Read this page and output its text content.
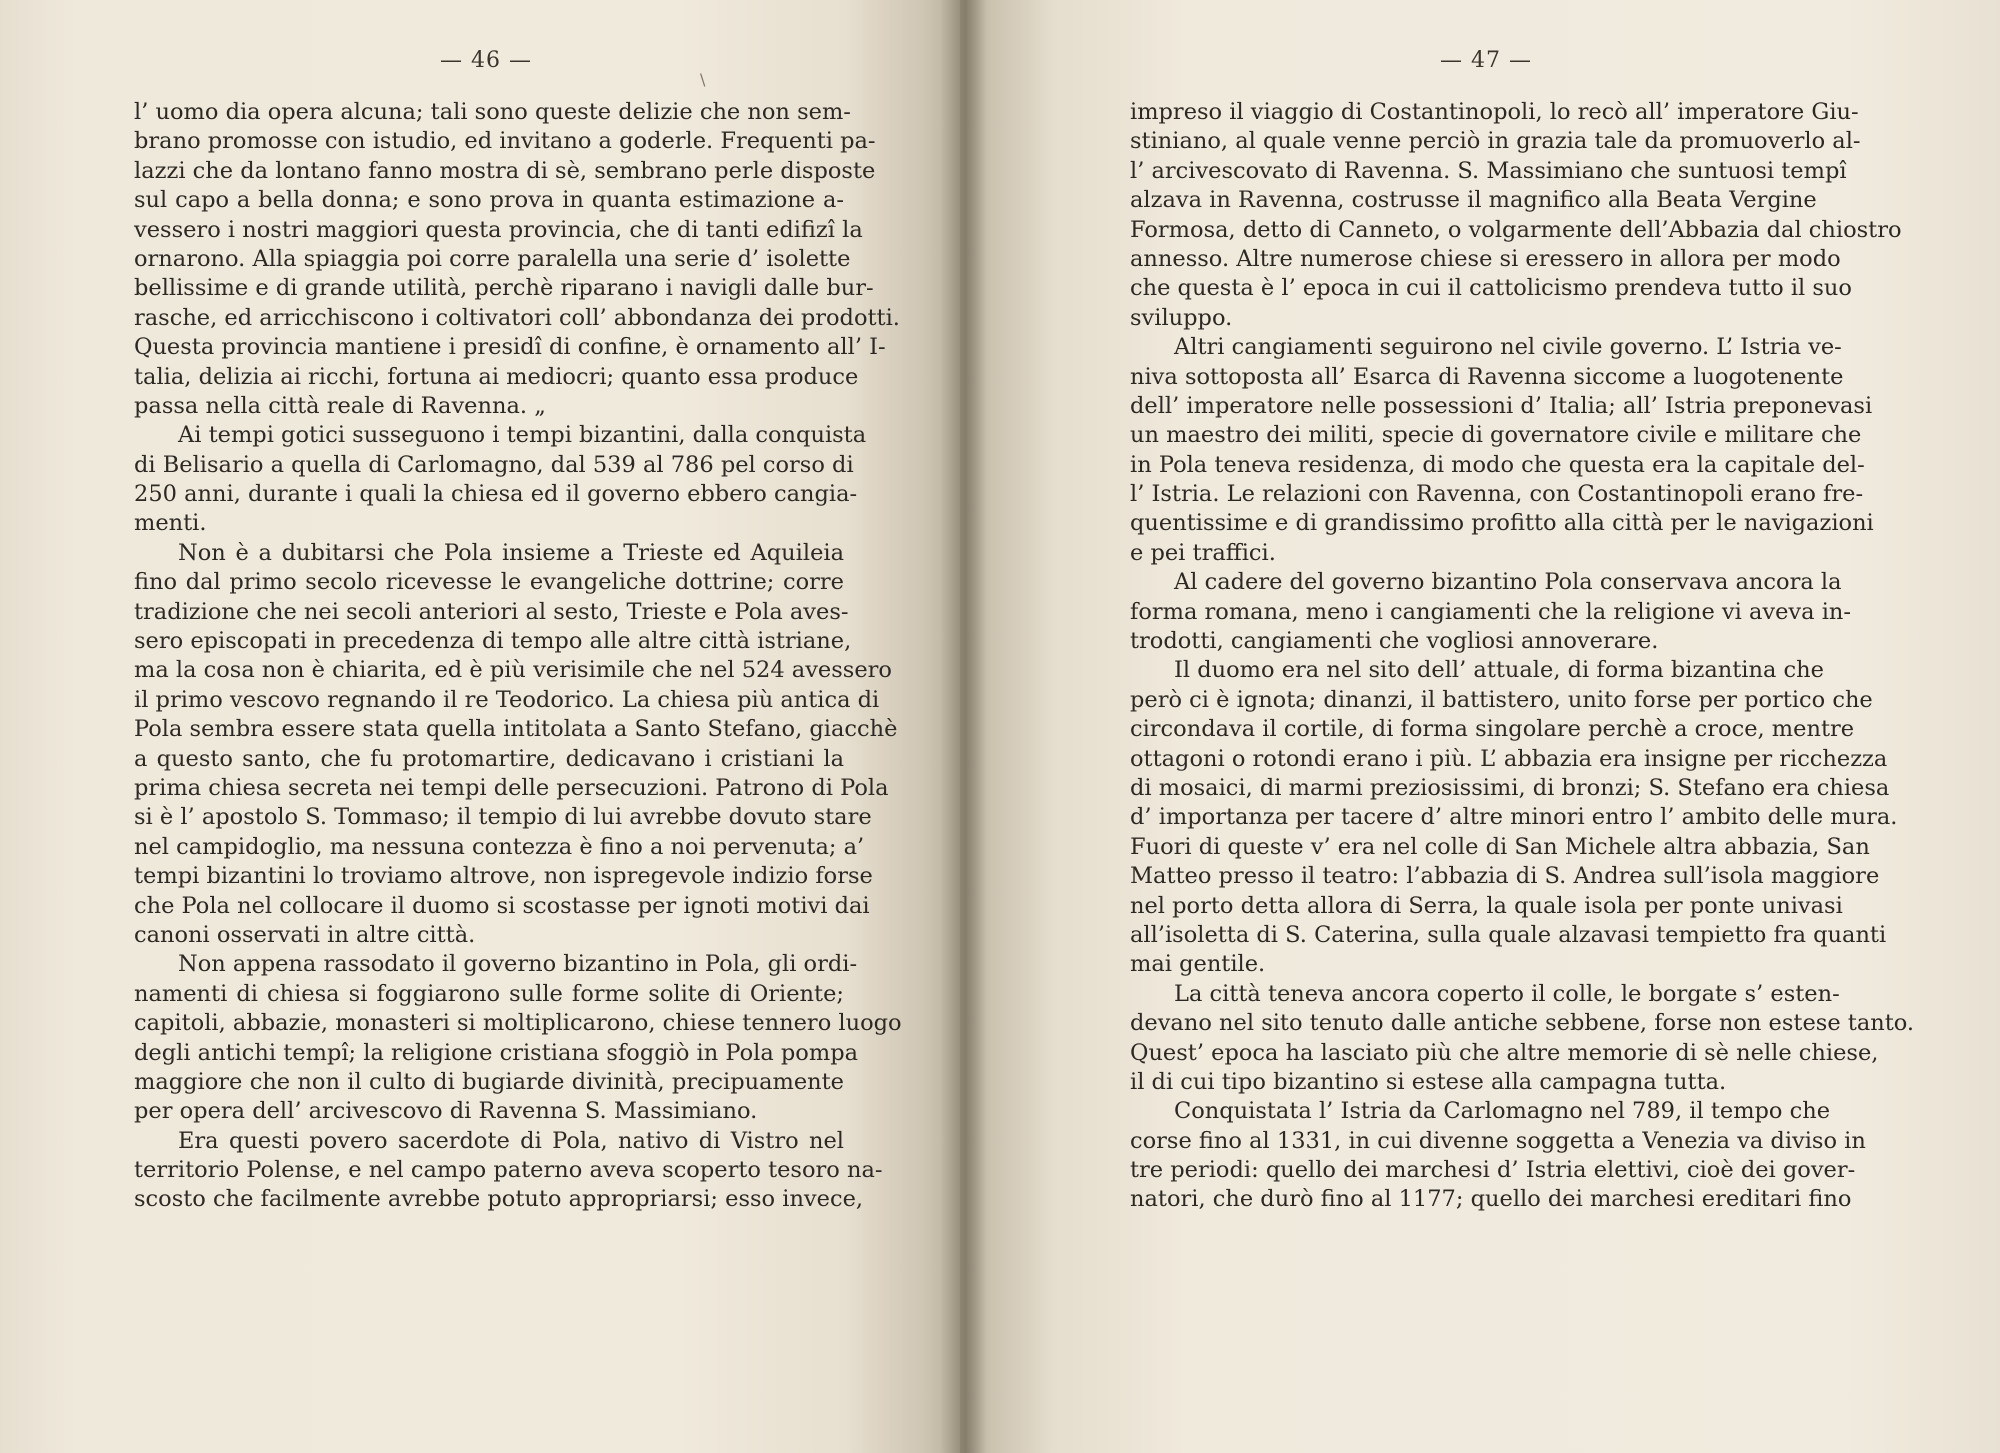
— 46 —
\
l’ uomo dia opera alcuna; tali sono queste delizie che non sem-
brano promosse con istudio, ed invitano a goderle. Frequenti pa-
lazzi che da lontano fanno mostra di sè, sembrano perle disposte
sul capo a bella donna; e sono prova in quanta estimazione a-
vessero i nostri maggiori questa provincia, che di tanti edifizî la
ornarono. Alla spiaggia poi corre paralella una serie d’ isolette
bellissime e di grande utilità, perchè riparano i navigli dalle bur-
rasche, ed arricchiscono i coltivatori coll’ abbondanza dei prodotti.
Questa provincia mantiene i presidî di confine, è ornamento all’ I-
talia, delizia ai ricchi, fortuna ai mediocri; quanto essa produce
passa nella città reale di Ravenna. „
Ai tempi gotici susseguono i tempi bizantini, dalla conquista
di Belisario a quella di Carlomagno, dal 539 al 786 pel corso di
250 anni, durante i quali la chiesa ed il governo ebbero cangia-
menti.
Non è a dubitarsi che Pola insieme a Trieste ed Aquileia
fino dal primo secolo ricevesse le evangeliche dottrine; corre
tradizione che nei secoli anteriori al sesto, Trieste e Pola aves-
sero episcopati in precedenza di tempo alle altre città istriane,
ma la cosa non è chiarita, ed è più verisimile che nel 524 avessero
il primo vescovo regnando il re Teodorico. La chiesa più antica di
Pola sembra essere stata quella intitolata a Santo Stefano, giacchè
a questo santo, che fu protomartire, dedicavano i cristiani la
prima chiesa secreta nei tempi delle persecuzioni. Patrono di Pola
si è l’ apostolo S. Tommaso; il tempio di lui avrebbe dovuto stare
nel campidoglio, ma nessuna contezza è fino a noi pervenuta; a’
tempi bizantini lo troviamo altrove, non ispregevole indizio forse
che Pola nel collocare il duomo si scostasse per ignoti motivi dai
canoni osservati in altre città.
Non appena rassodato il governo bizantino in Pola, gli ordi-
namenti di chiesa si foggiarono sulle forme solite di Oriente;
capitoli, abbazie, monasteri si moltiplicarono, chiese tennero luogo
degli antichi tempî; la religione cristiana sfoggiò in Pola pompa
maggiore che non il culto di bugiarde divinità, precipuamente
per opera dell’ arcivescovo di Ravenna S. Massimiano.
Era questi povero sacerdote di Pola, nativo di Vistro nel
territorio Polense, e nel campo paterno aveva scoperto tesoro na-
scosto che facilmente avrebbe potuto appropriarsi; esso invece,
— 47 —
impreso il viaggio di Costantinopoli, lo recò all’ imperatore Giu-
stiniano, al quale venne perciò in grazia tale da promuoverlo al-
l’ arcivescovato di Ravenna. S. Massimiano che suntuosi tempî
alzava in Ravenna, costrusse il magnifico alla Beata Vergine
Formosa, detto di Canneto, o volgarmente dell’Abbazia dal chiostro
annesso. Altre numerose chiese si eressero in allora per modo
che questa è l’ epoca in cui il cattolicismo prendeva tutto il suo
sviluppo.
Altri cangiamenti seguirono nel civile governo. L’ Istria ve-
niva sottoposta all’ Esarca di Ravenna siccome a luogotenente
dell’ imperatore nelle possessioni d’ Italia; all’ Istria preponevasi
un maestro dei militi, specie di governatore civile e militare che
in Pola teneva residenza, di modo che questa era la capitale del-
l’ Istria. Le relazioni con Ravenna, con Costantinopoli erano fre-
quentissime e di grandissimo profitto alla città per le navigazioni
e pei traffici.
Al cadere del governo bizantino Pola conservava ancora la
forma romana, meno i cangiamenti che la religione vi aveva in-
trodotti, cangiamenti che vogliosi annoverare.
Il duomo era nel sito dell’ attuale, di forma bizantina che
però ci è ignota; dinanzi, il battistero, unito forse per portico che
circondava il cortile, di forma singolare perchè a croce, mentre
ottagoni o rotondi erano i più. L’ abbazia era insigne per ricchezza
di mosaici, di marmi preziosissimi, di bronzi; S. Stefano era chiesa
d’ importanza per tacere d’ altre minori entro l’ ambito delle mura.
Fuori di queste v’ era nel colle di San Michele altra abbazia, San
Matteo presso il teatro: l’abbazia di S. Andrea sull’isola maggiore
nel porto detta allora di Serra, la quale isola per ponte univasi
all’isoletta di S. Caterina, sulla quale alzavasi tempietto fra quanti
mai gentile.
La città teneva ancora coperto il colle, le borgate s’ esten-
devano nel sito tenuto dalle antiche sebbene, forse non estese tanto.
Quest’ epoca ha lasciato più che altre memorie di sè nelle chiese,
il di cui tipo bizantino si estese alla campagna tutta.
Conquistata l’ Istria da Carlomagno nel 789, il tempo che
corse fino al 1331, in cui divenne soggetta a Venezia va diviso in
tre periodi: quello dei marchesi d’ Istria elettivi, cioè dei gover-
natori, che durò fino al 1177; quello dei marchesi ereditari fino
